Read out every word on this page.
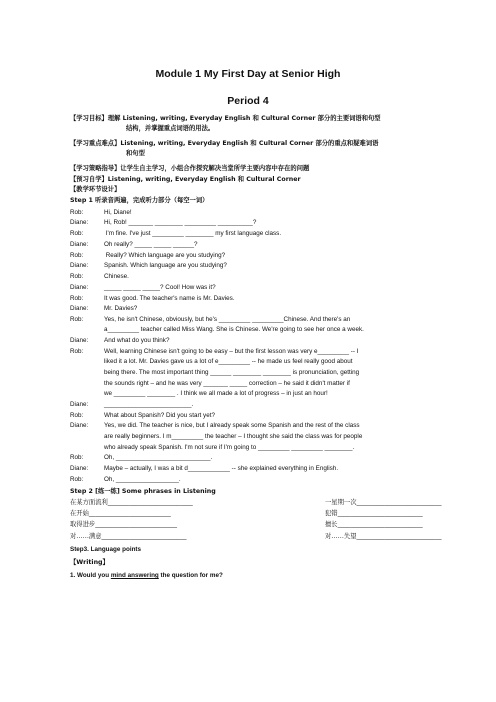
Module 1 My First Day at Senior High
Period 4
【学习目标】理解 Listening, writing, Everyday English 和 Cultural Corner 部分的主要词语和句型
结构，并掌握重点词语的用法。
【学习重点难点】Listening, writing, Everyday English 和 Cultural Corner 部分的重点和疑难词语
和句型
【学习策略指导】让学生自主学习，小组合作探究解决当堂所学主要内容中存在的问题
【预习自学】Listening, writing, Everyday English 和 Cultural Corner
【教学环节设计】
Step 1 听录音两遍，完成听力部分（每空一词）
Rob:	Hi, Diane!
Diane:	Hi, Rob! _______ ________ _________ __________?
Rob:	I'm fine. I've just _________ ________ my first language class.
Diane:	Oh really? _____ _____ ______?
Rob:	Really? Which language are you studying?
Diane:	Spanish. Which language are you studying?
Rob:	Chinese.
Diane:	_____ _____ _____? Cool! How was it?
Rob:	It was good. The teacher's name is Mr. Davies.
Diane:	Mr. Davies?
Rob:	Yes, he isn't Chinese, obviously, but he's _________ _________Chinese. And there's an
a_________ teacher called Miss Wang. She is Chinese. We're going to see her once a week.
Diane:	And what do you think?
Rob:	Well, learning Chinese isn't going to be easy – but the first lesson was very e_________ -- I
liked it a lot. Mr. Davies gave us a lot of e_________ -- he made us feel really good about
being there. The most important thing ______ ________ ________ is pronunciation, getting
the sounds right – and he was very _______ _____ correction – he said it didn't matter if
we _________ ________ . I think we all made a lot of progress – in just an hour!
Diane:	_________________________.
Rob:	What about Spanish? Did you start yet?
Diane:	Yes, we did. The teacher is nice, but I already speak some Spanish and the rest of the class
are really beginners. I m_________ the teacher – I thought she said the class was for people
who already speak Spanish. I'm not sure if I'm going to _________ _________ ________.
Rob:	Oh, ___________________________.
Diane:	Maybe – actually, I was a bit d____________ -- she explained everything in English.
Rob:	Oh, __________________.
Step 2 [练一练] Some phrases in Listening
在某方面流利___________________________	一星期一次___________________________
在开始__________________________	犯错___________________________
取得进步__________________________	擅长___________________________
对……满意___________________________	对……失望___________________________
Step3. Language points
【Writing】
1. Would you mind answering the question for me?
